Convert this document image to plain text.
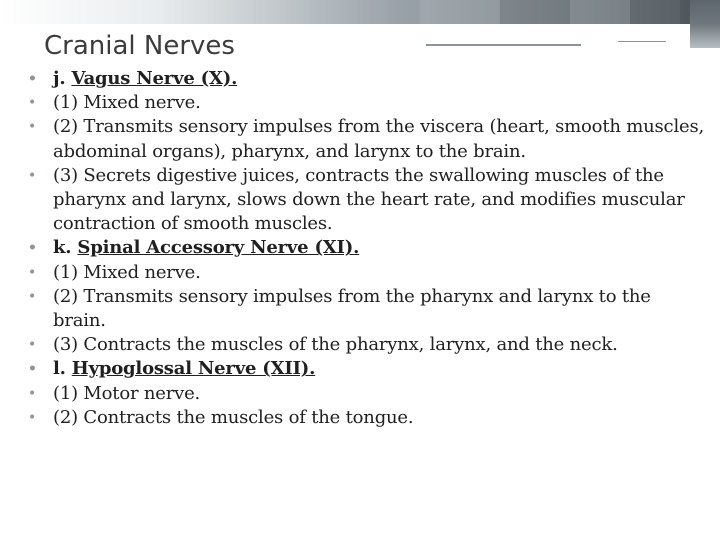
Cranial Nerves
• j. Vagus Nerve (X).
• (1) Mixed nerve.
• (2) Transmits sensory impulses from the viscera (heart, smooth muscles, abdominal organs), pharynx, and larynx to the brain.
• (3) Secrets digestive juices, contracts the swallowing muscles of the pharynx and larynx, slows down the heart rate, and modifies muscular contraction of smooth muscles.
• k. Spinal Accessory Nerve (XI).
• (1) Mixed nerve.
• (2) Transmits sensory impulses from the pharynx and larynx to the brain.
• (3) Contracts the muscles of the pharynx, larynx, and the neck.
• l. Hypoglossal Nerve (XII).
• (1) Motor nerve.
• (2) Contracts the muscles of the tongue.
